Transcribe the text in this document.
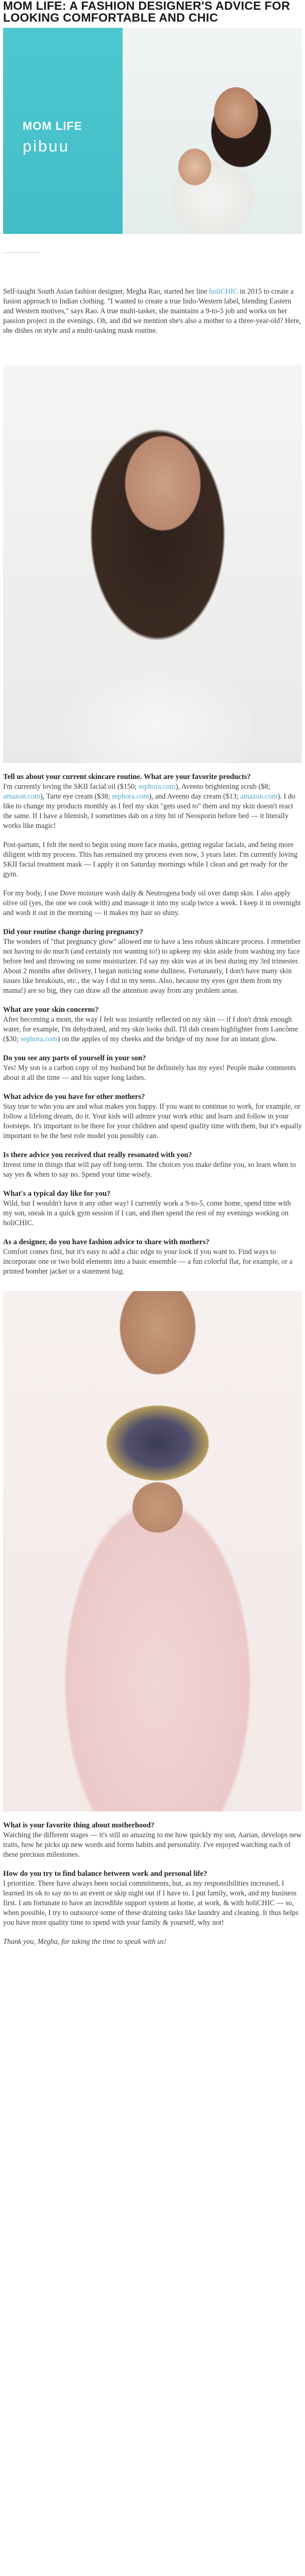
MOM LIFE: A FASHION DESIGNER'S ADVICE FOR LOOKING COMFORTABLE AND CHIC
MOM LIFE
pibuu

Self-taught South Asian fashion designer, Megha Rao, started her line holiCHIC in 2015 to create a fusion approach to Indian clothing. "I wanted to create a true Indo-Western label, blending Eastern and Western motives," says Rao. A true multi-tasker, she maintains a 9-to-5 job and works on her passion project in the evenings. Oh, and did we mention she's also a mother to a three-year-old? Here, she dishes on style and a multi-tasking mask routine.

Tell us about your current skincare routine. What are your favorite products?

I'm currently loving the SKII facial oil ($150; sephora.com), Aveeno brightening scrub ($8; amazon.com), Tarte eye cream ($38; sephora.com), and Aveeno day cream ($13; amazon.com). I do like to change my products monthly as I feel my skin "gets used to" them and my skin doesn't react the same. If I have a blemish, I sometimes dab on a tiny bit of Neosporin before bed — it literally works like magic!

Post-partum, I felt the need to begin using more face masks, getting regular facials, and being more diligent with my process. This has remained my process even now, 3 years later. I'm currently loving SKII facial treatment mask — I apply it on Saturday mornings while I clean and get ready for the gym.

For my body, I use Dove moisture wash daily & Neutrogena body oil over damp skin. I also apply olive oil (yes, the one we cook with) and massage it into my scalp twice a week. I keep it in overnight and wash it out in the morning — it makes my hair so shiny.

Did your routine change during pregnancy?

The wonders of "that pregnancy glow" allowed me to have a less robust skincare process. I remember not having to do much (and certainly not wanting to!) to upkeep my skin aside from washing my face before bed and throwing on some moisturizer. I'd say my skin was at its best during my 3rd trimester. About 2 months after delivery, I began noticing some dullness. Fortunately, I don't have many skin issues like breakouts, etc., the way I did in my teens. Also, because my eyes (got them from my mama!) are so big, they can draw all the attention away from any problem areas.

What are your skin concerns?

After becoming a mom, the way I felt was instantly reflected on my skin — if I don't drink enough water, for example, I'm dehydrated, and my skin looks dull. I'll dab cream highlighter from Lancôme ($30; sephora.com) on the apples of my cheeks and the bridge of my nose for an instant glow.

Do you see any parts of yourself in your son?

Yes! My son is a carbon copy of my husband but he definitely has my eyes! People make comments about it all the time — and his super long lashes.

What advice do you have for other mothers?

Stay true to who you are and what makes you happy. If you want to continue to work, for example, or follow a lifelong dream, do it. Your kids will admire your work ethic and learn and follow in your footsteps. It's important to be there for your children and spend quality time with them, but it's equally important to be the best role model you possibly can.

Is there advice you received that really resonated with you?

Invest time in things that will pay off long-term. The choices you make define you, so learn when to say yes & when to say no. Spend your time wisely.

What's a typical day like for you?

Wild, but I wouldn't have it any other way! I currently work a 9-to-5, come home, spend time with my son, sneak in a quick gym session if I can, and then spend the rest of my evenings working on holiCHIC.

As a designer, do you have fashion advice to share with mothers?

Comfort comes first, but it's easy to add a chic edge to your look if you want to. Find ways to incorporate one or two bold elements into a basic ensemble — a fun colorful flat, for example, or a printed bomber jacket or a statement bag.

What is your favorite thing about motherhood?

Watching the different stages — it's still so amazing to me how quickly my son, Aarian, develops new traits, how he picks up new words and forms habits and personality. I've enjoyed watching each of these precious milestones.

How do you try to find balance between work and personal life?

I prioritize. There have always been social commitments, but, as my responsibilities increased, I learned its ok to say no to an event or skip night out if I have to. I put family, work, and my business first. I am fortunate to have an incredible support system at home, at work, & with holiCHIC — so, when possible, I try to outsource some of these draining tasks like laundry and cleaning. It thus helps you have more quality time to spend with your family & yourself, why not!

Thank you, Megha, for taking the time to speak with us!
